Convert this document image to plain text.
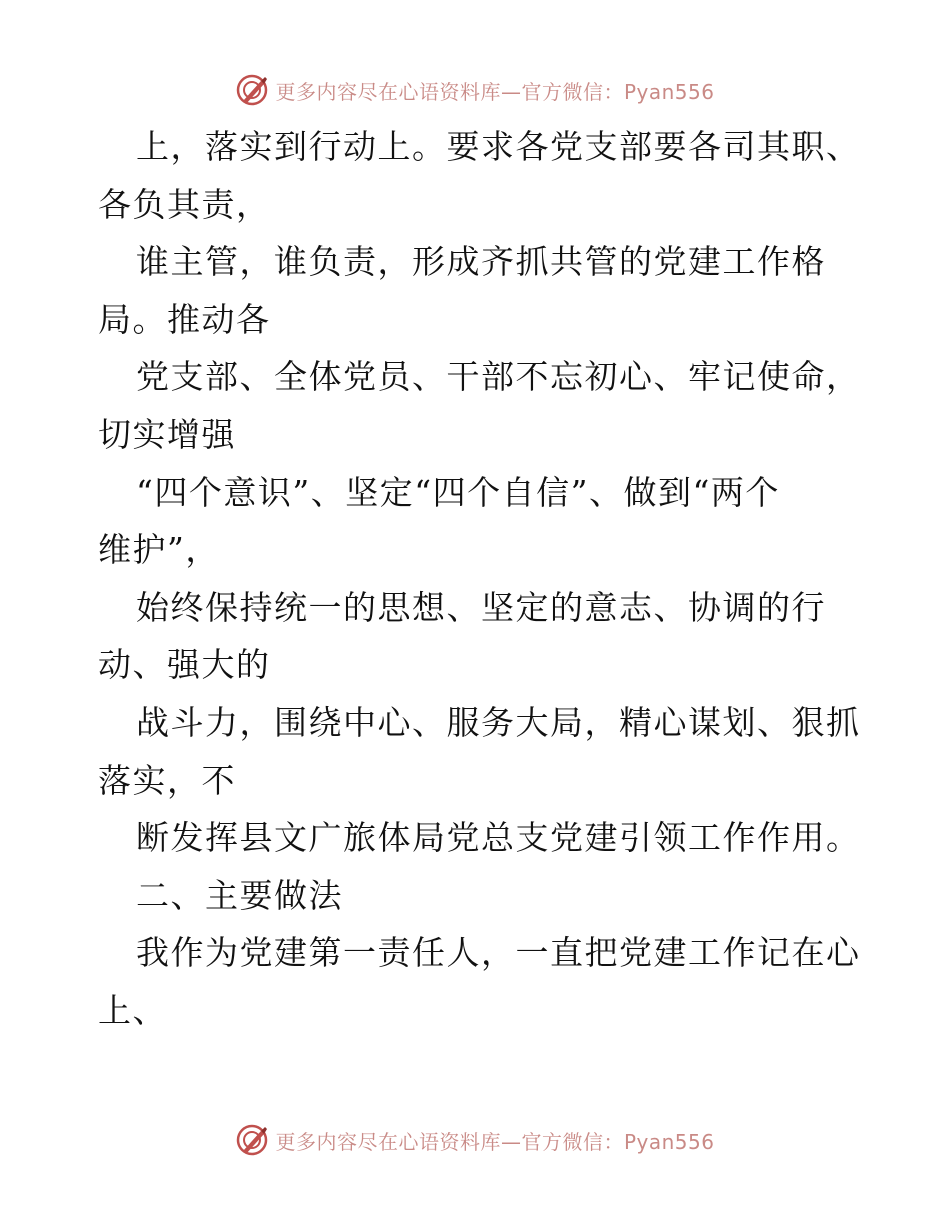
更多内容尽在心语资料库—官方微信：Pyan556
上，落实到行动上。要求各党支部要各司其职、
各负其责，
谁主管，谁负责，形成齐抓共管的党建工作格
局。推动各
党支部、全体党员、干部不忘初心、牢记使命，
切实增强
“四个意识”、坚定“四个自信”、做到“两个
维护”，
始终保持统一的思想、坚定的意志、协调的行
动、强大的
战斗力，围绕中心、服务大局，精心谋划、狠抓
落实，不
断发挥县文广旅体局党总支党建引领工作作用。
二、主要做法
我作为党建第一责任人，一直把党建工作记在心
上、
更多内容尽在心语资料库—官方微信：Pyan556
